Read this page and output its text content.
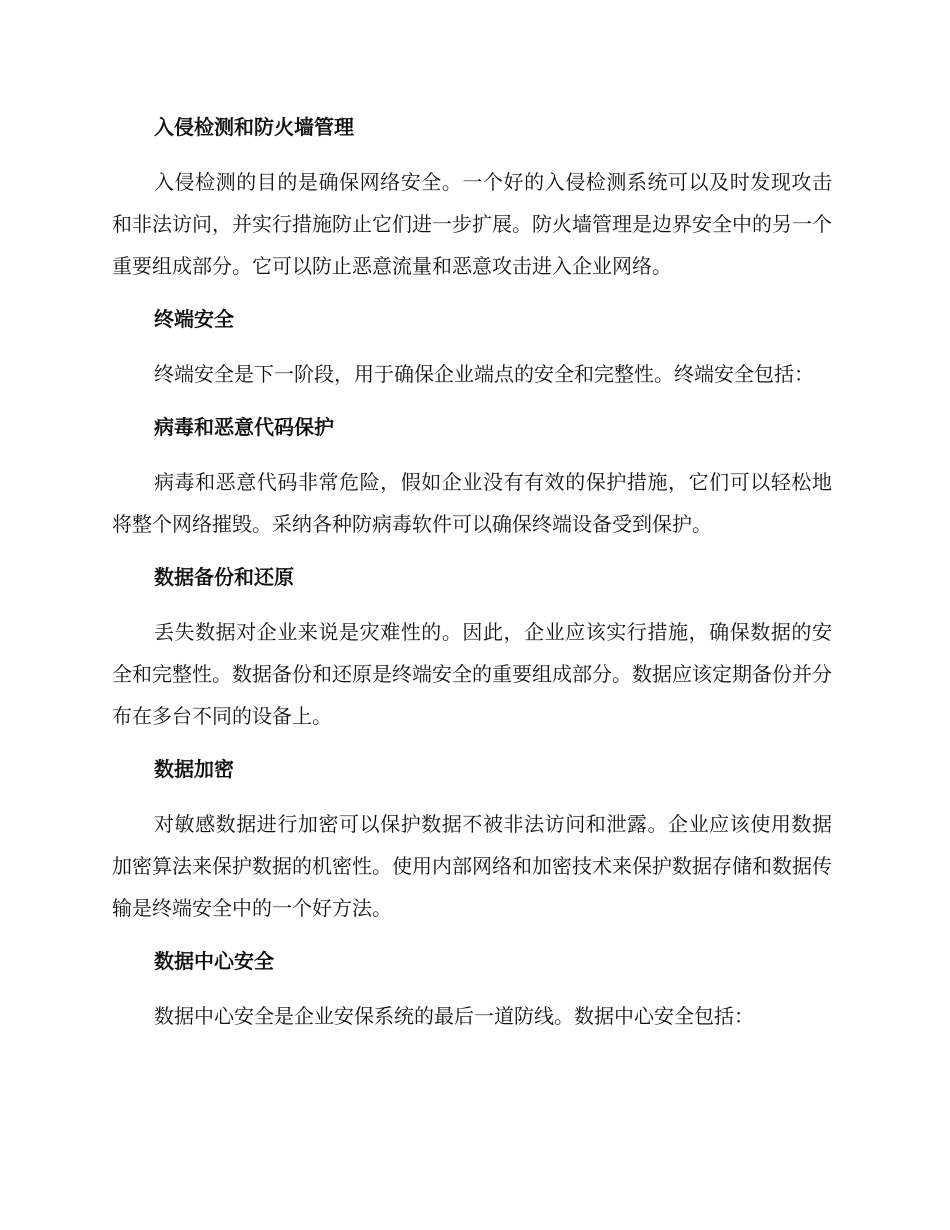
入侵检测和防火墙管理

入侵检测的目的是确保网络安全。一个好的入侵检测系统可以及时发现攻击和非法访问，并实行措施防止它们进一步扩展。防火墙管理是边界安全中的另一个重要组成部分。它可以防止恶意流量和恶意攻击进入企业网络。

终端安全

终端安全是下一阶段，用于确保企业端点的安全和完整性。终端安全包括：

病毒和恶意代码保护

病毒和恶意代码非常危险，假如企业没有有效的保护措施，它们可以轻松地将整个网络摧毁。采纳各种防病毒软件可以确保终端设备受到保护。

数据备份和还原

丢失数据对企业来说是灾难性的。因此，企业应该实行措施，确保数据的安全和完整性。数据备份和还原是终端安全的重要组成部分。数据应该定期备份并分布在多台不同的设备上。

数据加密

对敏感数据进行加密可以保护数据不被非法访问和泄露。企业应该使用数据加密算法来保护数据的机密性。使用内部网络和加密技术来保护数据存储和数据传输是终端安全中的一个好方法。

数据中心安全

数据中心安全是企业安保系统的最后一道防线。数据中心安全包括：
